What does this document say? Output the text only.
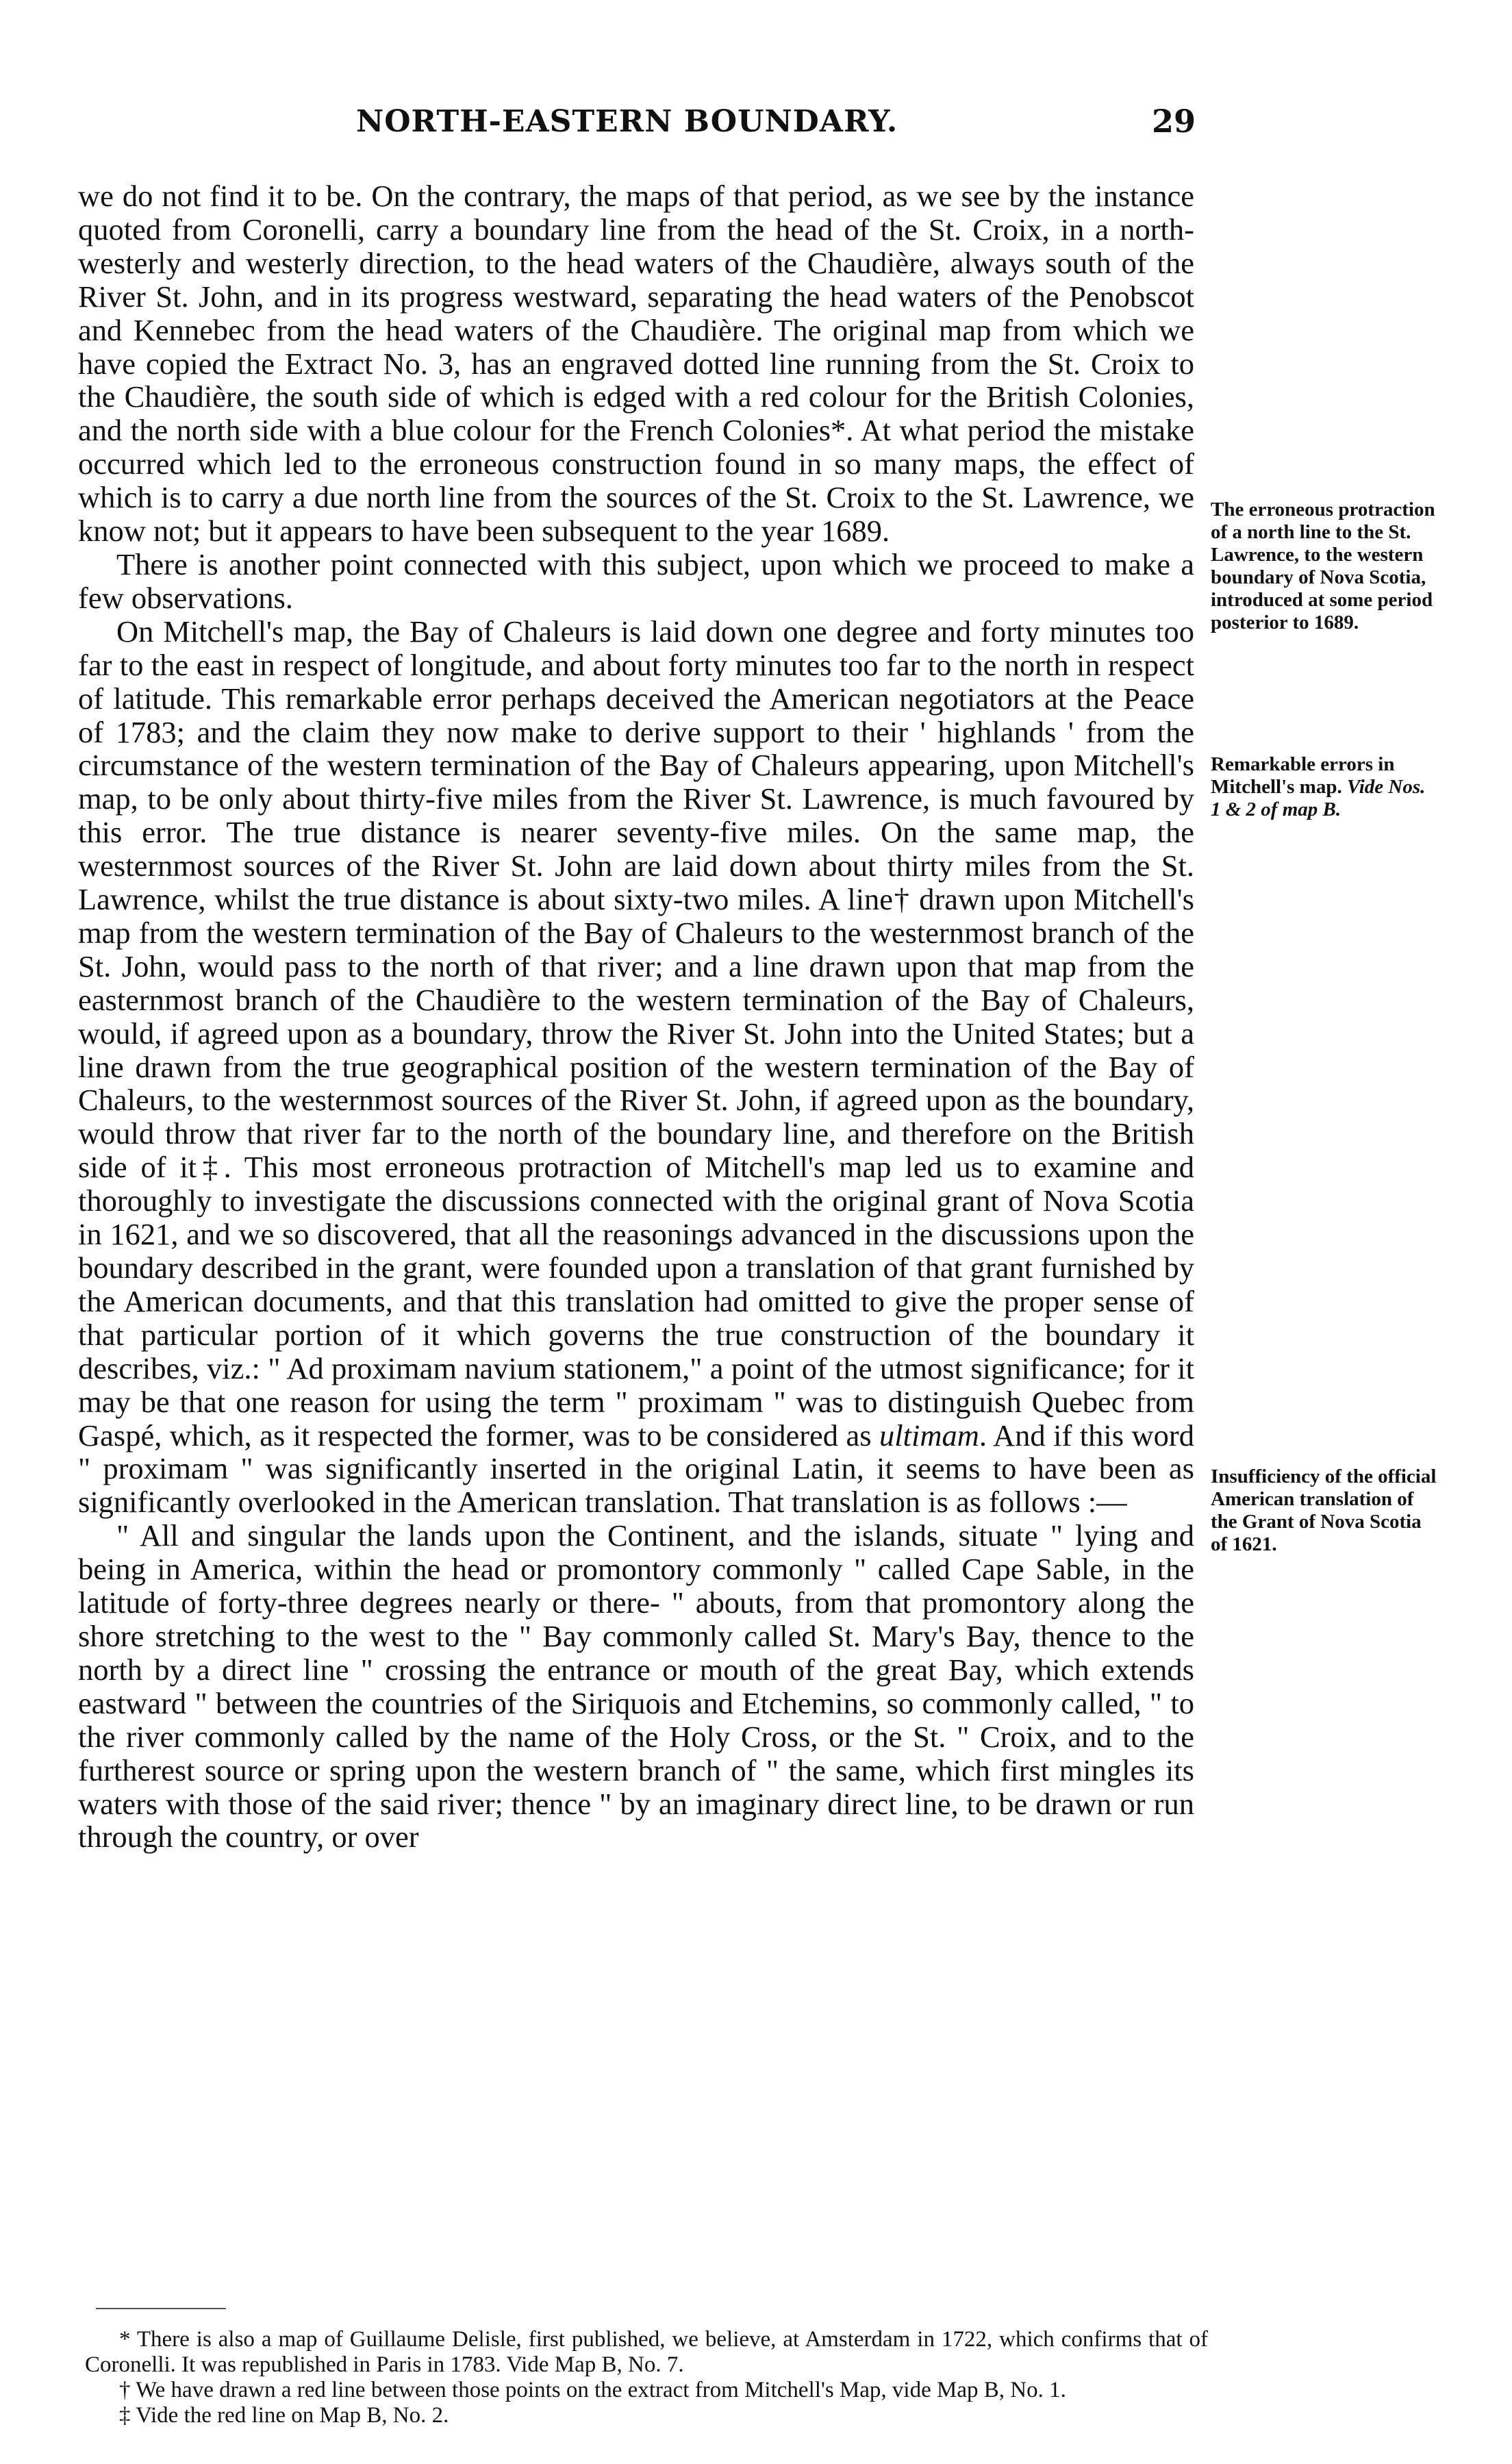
NORTH-EASTERN BOUNDARY.	29

we do not find it to be. On the contrary, the maps of that period, as we see by the instance quoted from Coronelli, carry a boundary line from the head of the St. Croix, in a north-westerly and westerly direction, to the head waters of the Chaudière, always south of the River St. John, and in its progress westward, separating the head waters of the Penobscot and Kennebec from the head waters of the Chaudière. The original map from which we have copied the Extract No. 3, has an engraved dotted line running from the St. Croix to the Chaudière, the south side of which is edged with a red colour for the British Colonies, and the north side with a blue colour for the French Colonies*. At what period the mistake occurred which led to the erroneous construction found in so many maps, the effect of which is to carry a due north line from the sources of the St. Croix to the St. Lawrence, we know not; but it appears to have been subsequent to the year 1689.

There is another point connected with this subject, upon which we proceed to make a few observations.

On Mitchell's map, the Bay of Chaleurs is laid down one degree and forty minutes too far to the east in respect of longitude, and about forty minutes too far to the north in respect of latitude. This remarkable error perhaps deceived the American negotiators at the Peace of 1783; and the claim they now make to derive support to their ' highlands ' from the circumstance of the western termination of the Bay of Chaleurs appearing, upon Mitchell's map, to be only about thirty-five miles from the River St. Lawrence, is much favoured by this error. The true distance is nearer seventy-five miles. On the same map, the westernmost sources of the River St. John are laid down about thirty miles from the St. Lawrence, whilst the true distance is about sixty-two miles. A line† drawn upon Mitchell's map from the western termination of the Bay of Chaleurs to the westernmost branch of the St. John, would pass to the north of that river; and a line drawn upon that map from the easternmost branch of the Chaudière to the western termination of the Bay of Chaleurs, would, if agreed upon as a boundary, throw the River St. John into the United States; but a line drawn from the true geographical position of the western termination of the Bay of Chaleurs, to the westernmost sources of the River St. John, if agreed upon as the boundary, would throw that river far to the north of the boundary line, and therefore on the British side of it‡. This most erroneous protraction of Mitchell's map led us to examine and thoroughly to investigate the discussions connected with the original grant of Nova Scotia in 1621, and we so discovered, that all the reasonings advanced in the discussions upon the boundary described in the grant, were founded upon a translation of that grant furnished by the American documents, and that this translation had omitted to give the proper sense of that particular portion of it which governs the true construction of the boundary it describes, viz.: " Ad proximam navium stationem," a point of the utmost significance; for it may be that one reason for using the term " proximam " was to distinguish Quebec from Gaspé, which, as it respected the former, was to be considered as ultimam. And if this word " proximam " was significantly inserted in the original Latin, it seems to have been as significantly overlooked in the American translation. That translation is as follows :—

" All and singular the lands upon the Continent, and the islands, situate " lying and being in America, within the head or promontory commonly " called Cape Sable, in the latitude of forty-three degrees nearly or there- " abouts, from that promontory along the shore stretching to the west to the " Bay commonly called St. Mary's Bay, thence to the north by a direct line " crossing the entrance or mouth of the great Bay, which extends eastward " between the countries of the Siriquois and Etchemins, so commonly called, " to the river commonly called by the name of the Holy Cross, or the St. " Croix, and to the furtherest source or spring upon the western branch of " the same, which first mingles its waters with those of the said river; thence " by an imaginary direct line, to be drawn or run through the country, or over

The erroneous protraction of a north line to the St. Lawrence, to the western boundary of Nova Scotia, introduced at some period posterior to 1689.
Remarkable errors in Mitchell's map. Vide Nos. 1 & 2 of map B.
Insufficiency of the official American translation of the Grant of Nova Scotia of 1621.

* There is also a map of Guillaume Delisle, first published, we believe, at Amsterdam in 1722, which confirms that of Coronelli. It was republished in Paris in 1783. Vide Map B, No. 7.

† We have drawn a red line between those points on the extract from Mitchell's Map, vide Map B, No. 1.

‡ Vide the red line on Map B, No. 2.
